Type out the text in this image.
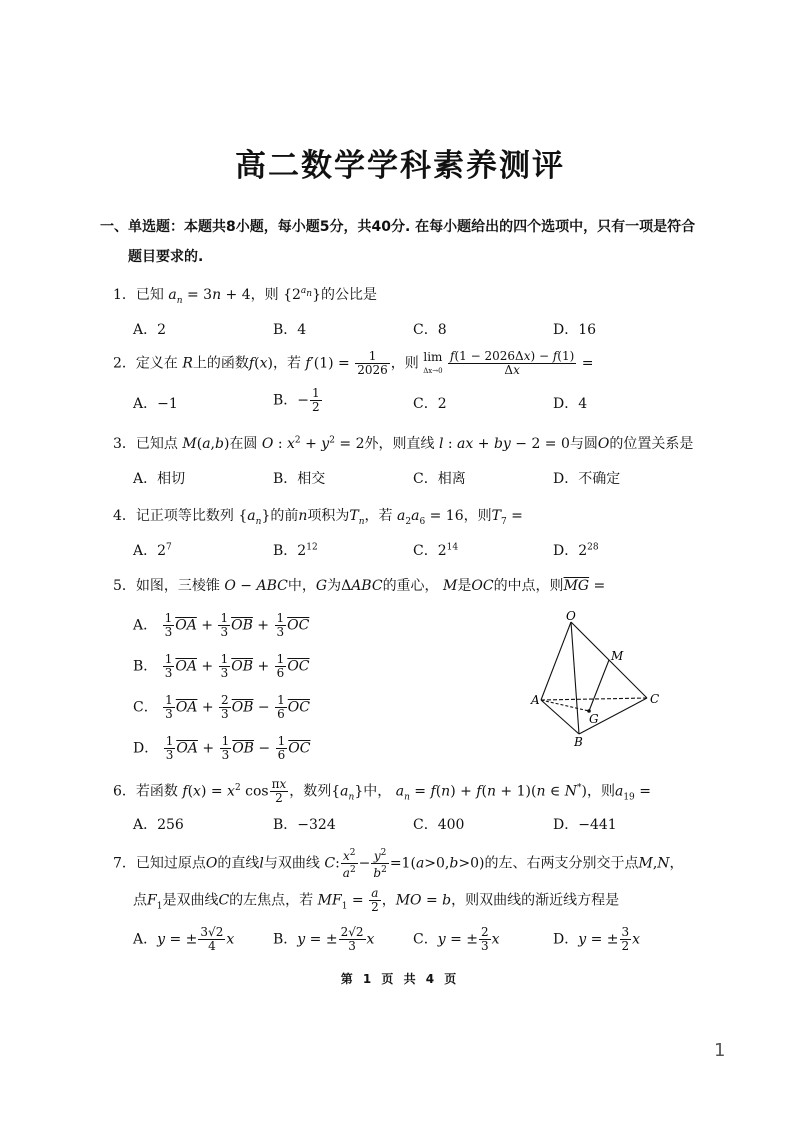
高二数学学科素养测评
一、单选题：本题共8小题，每小题5分，共40分. 在每小题给出的四个选项中，只有一项是符合
题目要求的.
1．已知 $a_n = 3n + 4$，则 $\{2^{a_n}\}$的公比是
A．2	B．4	C．8	D．16
2．定义在 R上的函数f(x)，若 $f'(1) = \frac{1}{2026}$ ，则 lim
$\Delta x\to 0 \frac{f(1 - 2026\Delta x) - f(1)}{\Delta x}$ =
A．−1	B．− $\frac{1}{2}$	C．2	D．4
3．已知点 M(a,b)在圆 O : $x^2 + y^2 = 2$外，则直线 l : ax + by − 2 = 0与圆O的位置关系是
A．相切	B．相交	C．相离	D．不确定
4．记正项等比数列 $\{a_n\}$的前n项积为$T_n$，若 $a_2a_6 = 16$，则$T_7$ =
A．$2^7$	B．$2^{12}$	C．$2^{14}$	D．$2^{28}$
5．如图，三棱锥 O − ABC中，G为ΔABC的重心， M是OC的中点，则$\overline{MG}$ =
A． $\frac{1}{3} \overline{OA} + \frac{1}{3} \overline{OB} + \frac{1}{3} \overline{OC}$
B． $\frac{1}{3} \overline{OA} + \frac{1}{3} \overline{OB} + \frac{1}{6} \overline{OC}$
C． $\frac{1}{3} \overline{OA} + \frac{2}{3} \overline{OB} - \frac{1}{6} \overline{OC}$
D． $\frac{1}{3} \overline{OA} + \frac{1}{3} \overline{OB} - \frac{1}{6} \overline{OC}$
O
A
B
C
M
G
6．若函数 $f(x) = x^2$ $\cos \frac{\pi x}{2}$ ，数列$\{a_n\}$中， $a_n = f(n) + f(n + 1)(n$ ∈ N*)，则$a_{19}$ =
A．256	B．−324	C．400	D．−441
7．已知过原点O的直线l与双曲线 C: $\frac{x^2}{a^2} - \frac{y^2}{b^2} =1(a>0,b>0)$的左、右两支分别交于点M,N，
点$F_1$是双曲线C的左焦点，若 $MF_1 = \frac{a}{2}$ ，MO = b，则双曲线的渐近线方程是
A．y = ± $\frac{3√2}{4}$ x	B．y = ± $\frac{2√2}{3}$ x	C．y = ± $\frac{2}{3}$ x	D．y = ± $\frac{3}{2}$ x
第 1 页 共 4 页
1
